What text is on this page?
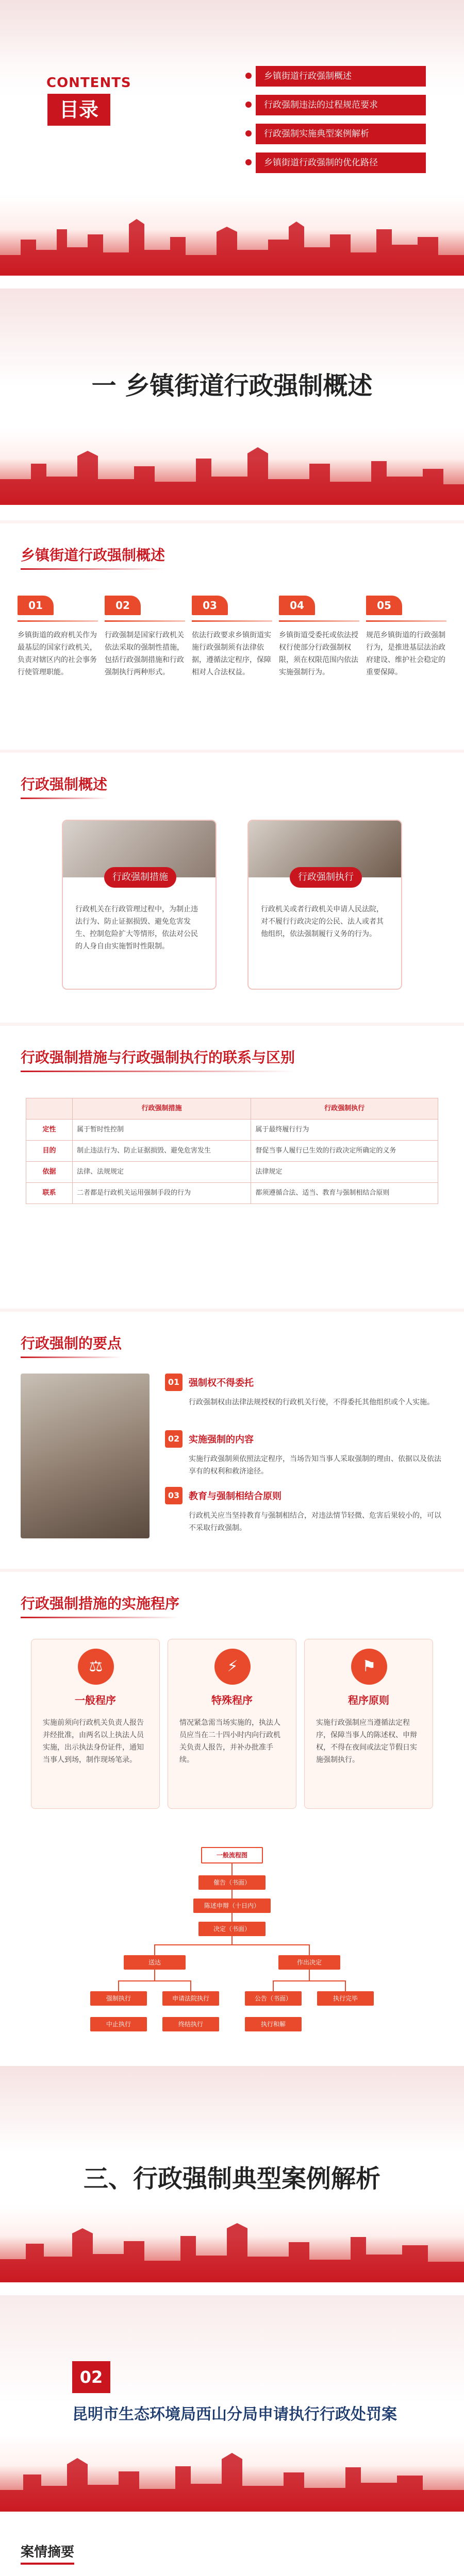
CONTENTS
目录
乡镇街道行政强制概述
行政强制违法的过程规范要求
行政强制实施典型案例解析
乡镇街道行政强制的优化路径
一 乡镇街道行政强制概述
乡镇街道行政强制概述
01
乡镇街道的政府机关作为最基层的国家行政机关，负责对辖区内的社会事务行使管理职能。
02
行政强制是国家行政机关依法采取的强制性措施，包括行政强制措施和行政强制执行两种形式。
03
依法行政要求乡镇街道实施行政强制须有法律依据，遵循法定程序，保障相对人合法权益。
04
乡镇街道受委托或依法授权行使部分行政强制权限，须在权限范围内依法实施强制行为。
05
规范乡镇街道的行政强制行为，是推进基层法治政府建设、维护社会稳定的重要保障。
行政强制概述
行政强制措施
行政机关在行政管理过程中，为制止违法行为、防止证据损毁、避免危害发生、控制危险扩大等情形，依法对公民的人身自由实施暂时性限制。
行政强制执行
行政机关或者行政机关申请人民法院，对不履行行政决定的公民、法人或者其他组织，依法强制履行义务的行为。
行政强制措施与行政强制执行的联系与区别
	行政强制措施	行政强制执行
定性	属于暂时性控制	属于最终履行行为
目的	制止违法行为、防止证据损毁、避免危害发生	督促当事人履行已生效的行政决定所确定的义务
依据	法律、法规规定	法律规定
联系	二者都是行政机关运用强制手段的行为	都须遵循合法、适当、教育与强制相结合原则
行政强制的要点
01 强制权不得委托
行政强制权由法律法规授权的行政机关行使，不得委托其他组织或个人实施。
02 实施强制的内容
实施行政强制须依照法定程序，当场告知当事人采取强制的理由、依据以及依法享有的权利和救济途径。
03 教育与强制相结合原则
行政机关应当坚持教育与强制相结合，对违法情节轻微、危害后果较小的，可以不采取行政强制。
行政强制措施的实施程序
⚖
一般程序
实施前须向行政机关负责人报告并经批准，由两名以上执法人员实施，出示执法身份证件，通知当事人到场，制作现场笔录。
⚡
特殊程序
情况紧急需当场实施的，执法人员应当在二十四小时内向行政机关负责人报告，并补办批准手续。
⚑
程序原则
实施行政强制应当遵循法定程序，保障当事人的陈述权、申辩权，不得在夜间或法定节假日实施强制执行。
一般流程图
催告（书面）
陈述申辩（十日内）
决定（书面）
送达	作出决定
强制执行	申请法院执行	公告（书面）	执行完毕
中止执行	终结执行	执行和解
三、行政强制典型案例解析
02
昆明市生态环境局西山分局申请执行行政处罚案
案情摘要
